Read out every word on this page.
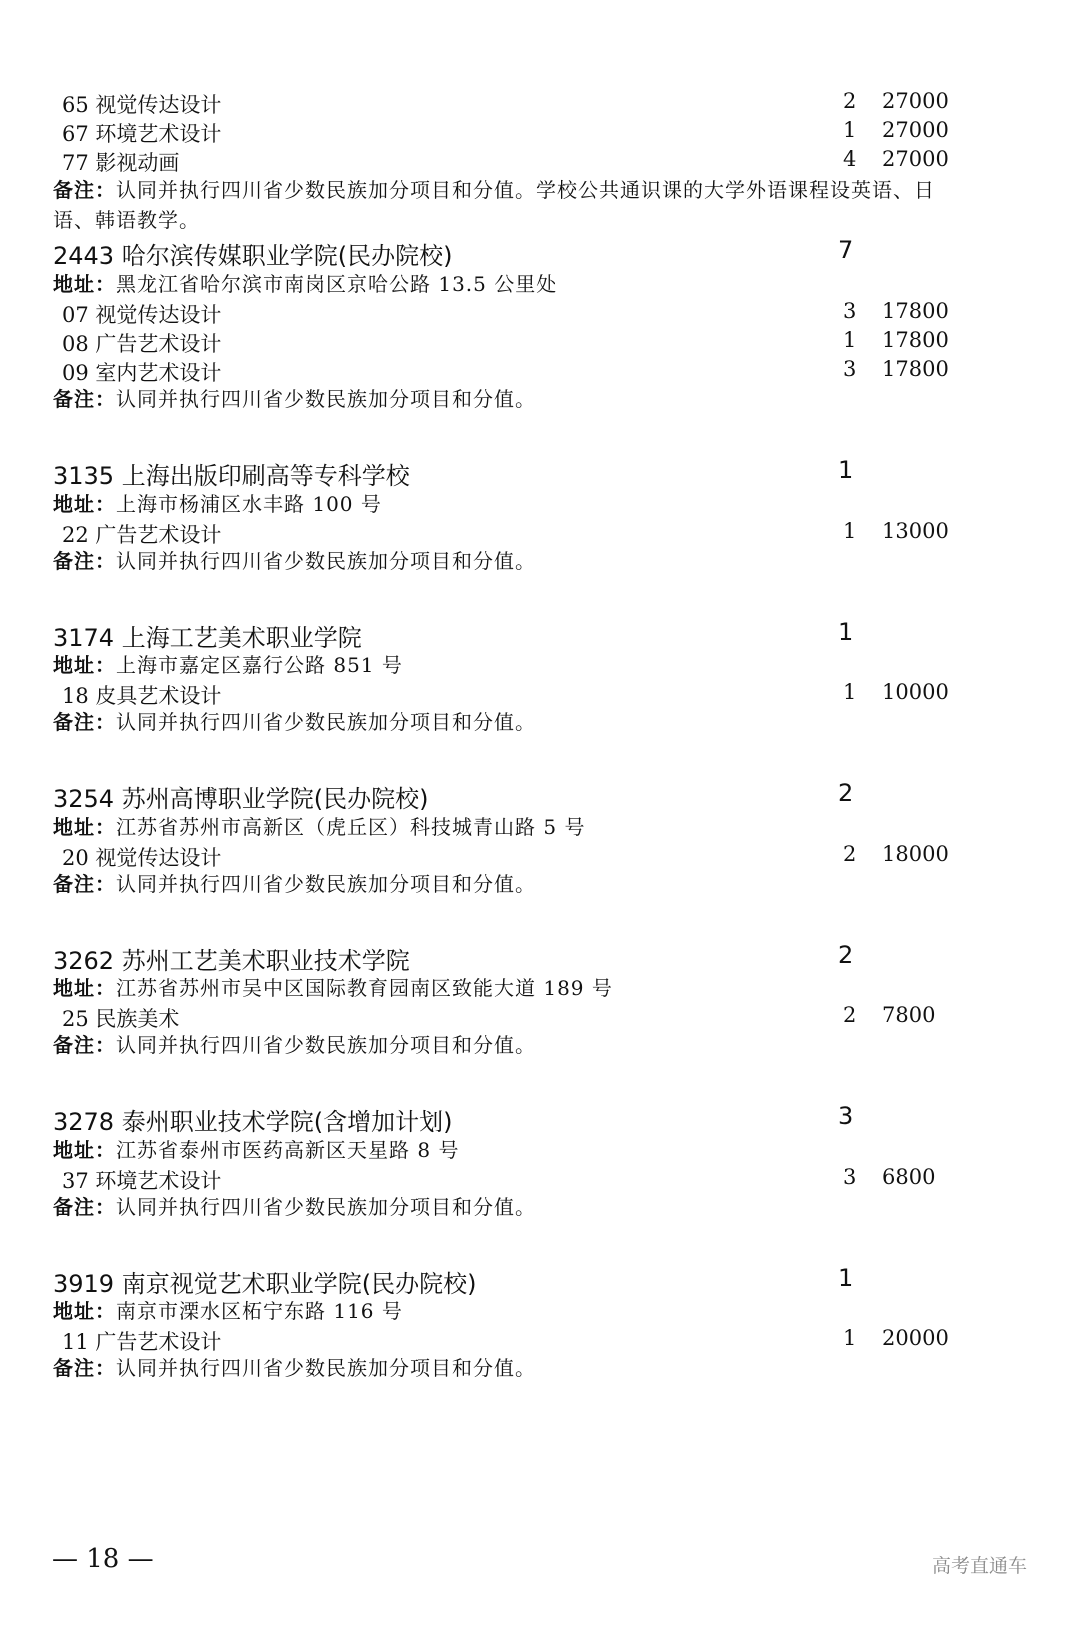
65 视觉传达设计	2 27000
67 环境艺术设计	1 27000
77 影视动画	4 27000
备注：认同并执行四川省少数民族加分项目和分值。学校公共通识课的大学外语课程设英语、日
语、韩语教学。
2443 哈尔滨传媒职业学院(民办院校)	7
地址：黑龙江省哈尔滨市南岗区京哈公路 13.5 公里处
07 视觉传达设计	3 17800
08 广告艺术设计	1 17800
09 室内艺术设计	3 17800
备注：认同并执行四川省少数民族加分项目和分值。
3135 上海出版印刷高等专科学校	1
地址：上海市杨浦区水丰路 100 号
22 广告艺术设计	1 13000
备注：认同并执行四川省少数民族加分项目和分值。
3174 上海工艺美术职业学院	1
地址：上海市嘉定区嘉行公路 851 号
18 皮具艺术设计	1 10000
备注：认同并执行四川省少数民族加分项目和分值。
3254 苏州高博职业学院(民办院校)	2
地址：江苏省苏州市高新区（虎丘区）科技城青山路 5 号
20 视觉传达设计	2 18000
备注：认同并执行四川省少数民族加分项目和分值。
3262 苏州工艺美术职业技术学院	2
地址：江苏省苏州市吴中区国际教育园南区致能大道 189 号
25 民族美术	2 7800
备注：认同并执行四川省少数民族加分项目和分值。
3278 泰州职业技术学院(含增加计划)	3
地址：江苏省泰州市医药高新区天星路 8 号
37 环境艺术设计	3 6800
备注：认同并执行四川省少数民族加分项目和分值。
3919 南京视觉艺术职业学院(民办院校)	1
地址：南京市溧水区柘宁东路 116 号
11 广告艺术设计	1 20000
备注：认同并执行四川省少数民族加分项目和分值。
— 18 —	高考直通车
